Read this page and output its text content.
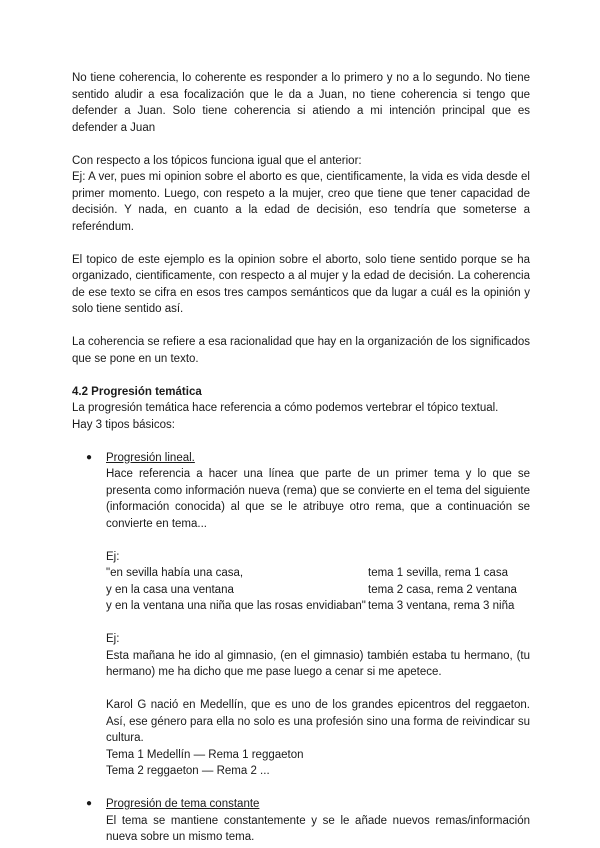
No tiene coherencia, lo coherente es responder a lo primero y no a lo segundo. No tiene sentido aludir a esa focalización que le da a Juan, no tiene coherencia si tengo que defender a Juan. Solo tiene coherencia si atiendo a mi intención principal que es defender a Juan

Con respecto a los tópicos funciona igual que el anterior:

Ej: A ver, pues mi opinion sobre el aborto es que, cientificamente, la vida es vida desde el primer momento. Luego, con respeto a la mujer, creo que tiene que tener capacidad de decisión. Y nada, en cuanto a la edad de decisión, eso tendría que someterse a referéndum.

El topico de este ejemplo es la opinion sobre el aborto, solo tiene sentido porque se ha organizado, cientificamente, con respecto a al mujer y la edad de decisión. La coherencia de ese texto se cifra en esos tres campos semánticos que da lugar a cuál es la opinión y solo tiene sentido así.

La coherencia se refiere a esa racionalidad que hay en la organización de los significados que se pone en un texto.

4.2 Progresión temática

La progresión temática hace referencia a cómo podemos vertebrar el tópico textual.

Hay 3 tipos básicos:

● Progresión lineal.

Hace referencia a hacer una línea que parte de un primer tema y lo que se presenta como información nueva (rema) que se convierte en el tema del siguiente (información conocida) al que se le atribuye otro rema, que a continuación se convierte en tema...

Ej:

"en sevilla había una casa,	tema 1 sevilla, rema 1 casa
y en la casa una ventana	tema 2 casa, rema 2 ventana
y en la ventana una niña que las rosas envidiaban" tema 3 ventana, rema 3 niña

Ej:

Esta mañana he ido al gimnasio, (en el gimnasio) también estaba tu hermano, (tu hermano) me ha dicho que me pase luego a cenar si me apetece.

Karol G nació en Medellín, que es uno de los grandes epicentros del reggaeton. Así, ese género para ella no solo es una profesión sino una forma de reivindicar su cultura.

Tema 1 Medellín — Rema 1 reggaeton

Tema 2 reggaeton — Rema 2 ...

● Progresión de tema constante

El tema se mantiene constantemente y se le añade nuevos remas/información nueva sobre un mismo tema.
